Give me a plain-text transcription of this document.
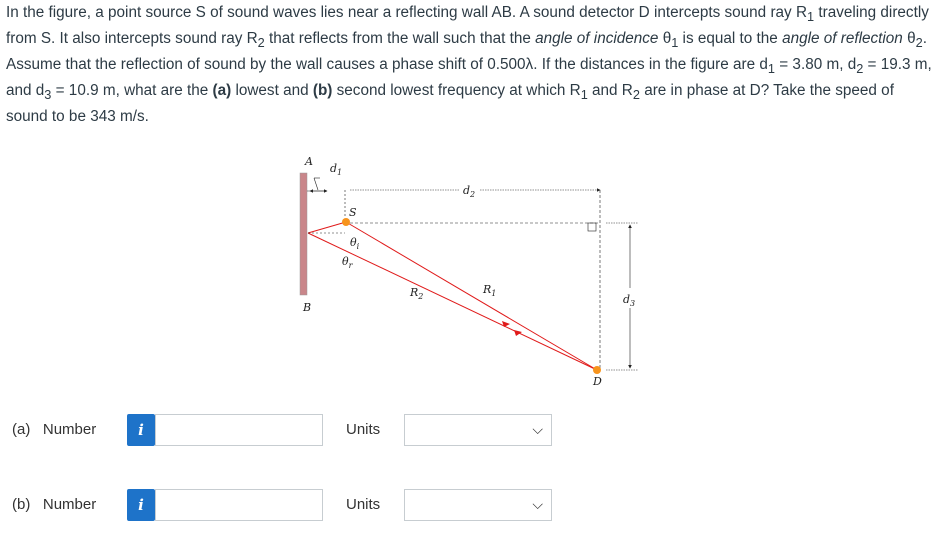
In the figure, a point source S of sound waves lies near a reflecting wall AB. A sound detector D intercepts sound ray $R_1$ traveling directly from S. It also intercepts sound ray $R_2$ that reflects from the wall such that the angle of incidence $\theta_1$ is equal to the angle of reflection $\theta_2$. Assume that the reflection of sound by the wall causes a phase shift of 0.500λ. If the distances in the figure are $d_1 = 3.80$ m, $d_2 = 19.3$ m, and $d_3 = 10.9$ m, what are the (a) lowest and (b) second lowest frequency at which $R_1$ and $R_2$ are in phase at D? Take the speed of sound to be 343 m/s.
A
B
$d_1$
$d_2$
$d_3$
S
$\theta_i$
$\theta_r$
$R_2$
$R_1$
D
(a) Number	i	Units	⌵
(b) Number	i	Units	⌵
